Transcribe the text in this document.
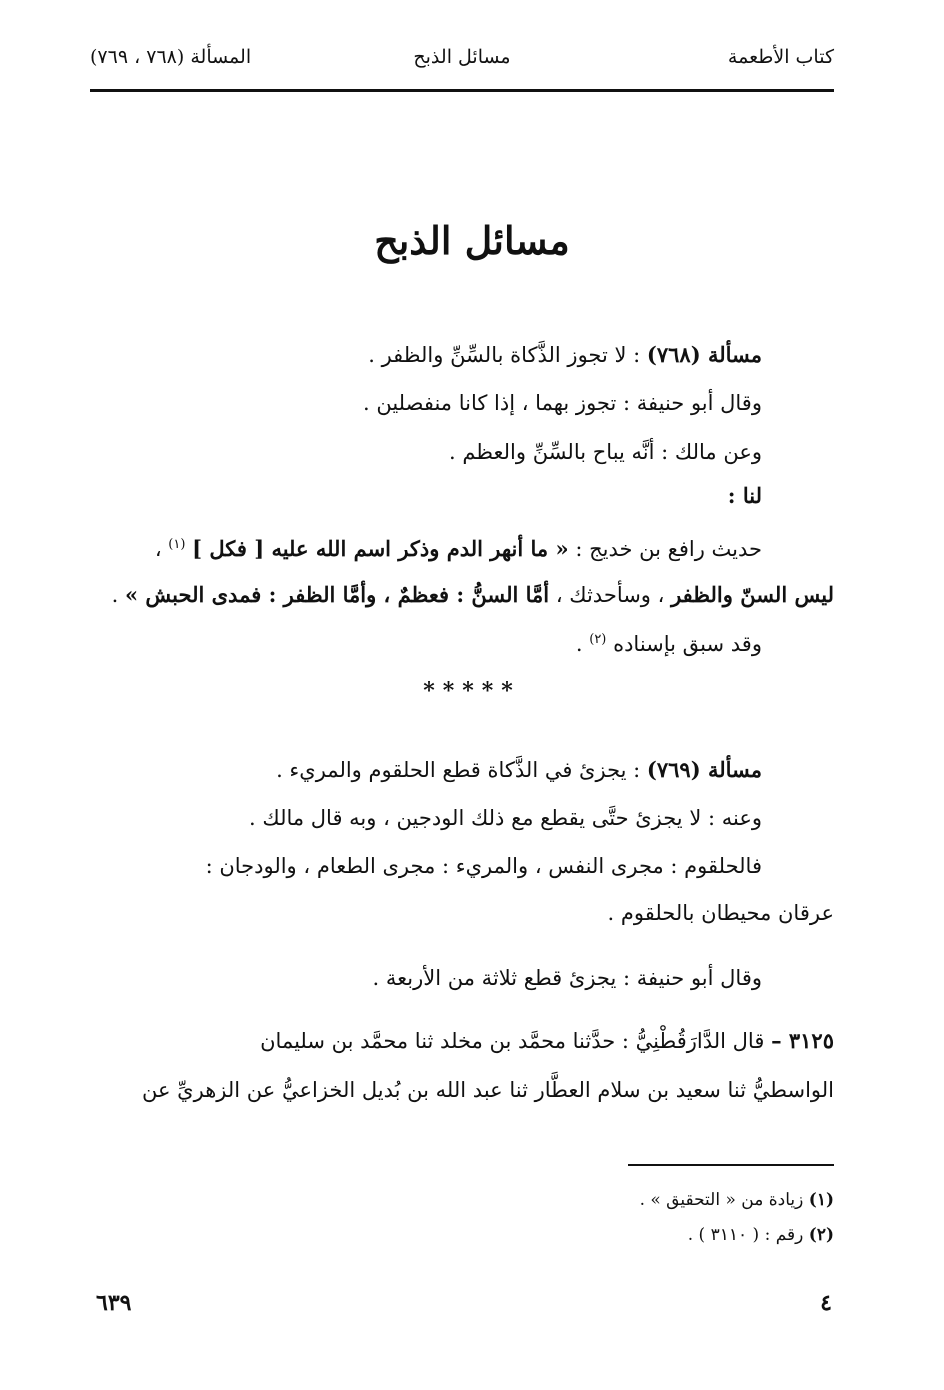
كتاب الأطعمة
مسائل الذبح
المسألة (٧٦٨ ، ٧٦٩)
مسائل الذبح
مسألة (٧٦٨) : لا تجوز الذَّكاة بالسِّنِّ والظفر .
وقال أبو حنيفة : تجوز بهما ، إذا كانا منفصلين .
وعن مالك : أنَّه يباح بالسِّنِّ والعظم .
لنا :
حديث رافع بن خديج : « ما أنهر الدم وذكر اسم الله عليه [ فكل ] $^{(١)}$ ،
ليس السنّ والظفر ، وسأحدثك ، أمَّا السنُّ : فعظمٌ ، وأمَّا الظفر : فمدى الحبش » .
وقد سبق بإسناده $^{(٢)}$ .
*****
مسألة (٧٦٩) : يجزئ في الذَّكاة قطع الحلقوم والمريء .
وعنه : لا يجزئ حتَّى يقطع مع ذلك الودجين ، وبه قال مالك .
فالحلقوم : مجرى النفس ، والمريء : مجرى الطعام ، والودجان :
عرقان محيطان بالحلقوم .
وقال أبو حنيفة : يجزئ قطع ثلاثة من الأربعة .
٣١٢٥ – قال الدَّارَقُطْنِيُّ : حدَّثنا محمَّد بن مخلد ثنا محمَّد بن سليمان
الواسطيُّ ثنا سعيد بن سلام العطَّار ثنا عبد الله بن بُديل الخزاعيُّ عن الزهريِّ عن
(١) زيادة من « التحقيق » .
(٢) رقم : ( ٣١١٠ ) .
٦٣٩	٤
